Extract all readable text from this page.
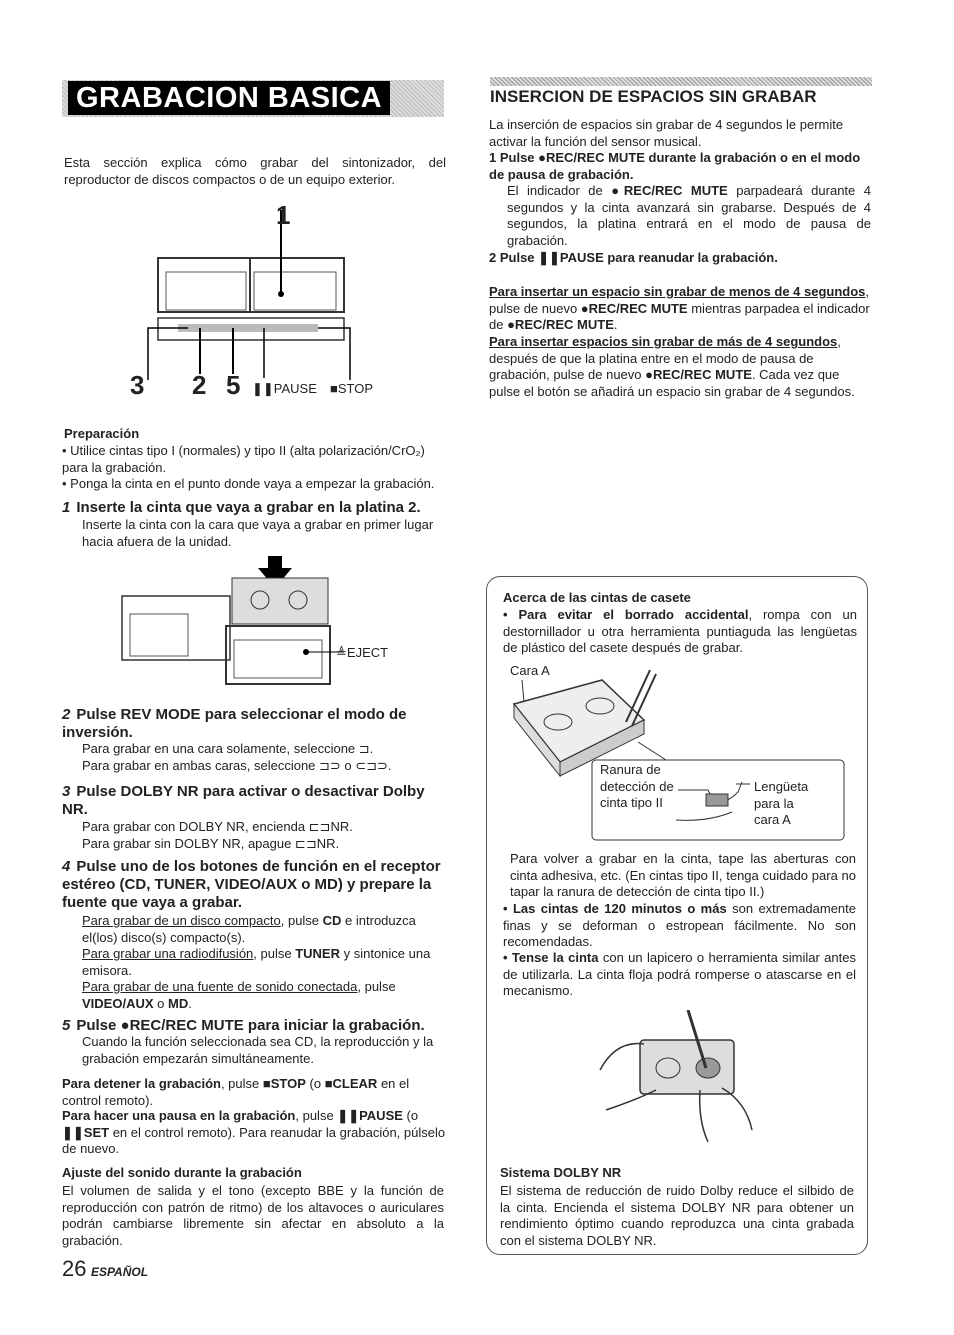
GRABACION BASICA
Esta sección explica cómo grabar del sintonizador, del reproductor de discos compactos o de un equipo exterior.
1
3 2 5 ❚❚PAUSE ■STOP
Preparación
• Utilice cintas tipo I (normales) y tipo II (alta polarización/CrO₂) para la grabación.
• Ponga la cinta en el punto donde vaya a empezar la grabación.
1 Inserte la cinta que vaya a grabar en la platina 2.
Inserte la cinta con la cara que vaya a grabar en primer lugar hacia afuera de la unidad.
≜EJECT
2 Pulse REV MODE para seleccionar el modo de inversión.
Para grabar en una cara solamente, seleccione ⊐.
Para grabar en ambas caras, seleccione ⊐⊃ o ⊂⊐⊃.
3 Pulse DOLBY NR para activar o desactivar Dolby NR.
Para grabar con DOLBY NR, encienda ⊏⊐NR.
Para grabar sin DOLBY NR, apague ⊏⊐NR.
4 Pulse uno de los botones de función en el receptor estéreo (CD, TUNER, VIDEO/AUX o MD) y prepare la fuente que vaya a grabar.
Para grabar de un disco compacto, pulse CD e introduzca el(los) disco(s) compacto(s).
Para grabar una radiodifusión, pulse TUNER y sintonice una emisora.
Para grabar de una fuente de sonido conectada, pulse VIDEO/AUX o MD.
5 Pulse ●REC/REC MUTE para iniciar la grabación.
Cuando la función seleccionada sea CD, la reproducción y la grabación empezarán simultáneamente.
Para detener la grabación, pulse ■STOP (o ■CLEAR en el control remoto).
Para hacer una pausa en la grabación, pulse ❚❚PAUSE (o ❚❚SET en el control remoto). Para reanudar la grabación, púlselo de nuevo.
Ajuste del sonido durante la grabación
El volumen de salida y el tono (excepto BBE y la función de reproducción con patrón de ritmo) de los altavoces o auriculares podrán cambiarse libremente sin afectar en absoluto a la grabación.
26 ESPAÑOL
INSERCION DE ESPACIOS SIN GRABAR
La inserción de espacios sin grabar de 4 segundos le permite activar la función del sensor musical.
1 Pulse ●REC/REC MUTE durante la grabación o en el modo de pausa de grabación.
El indicador de ●REC/REC MUTE parpadeará durante 4 segundos y la cinta avanzará sin grabarse. Después de 4 segundos, la platina entrará en el modo de pausa de grabación.
2 Pulse ❚❚PAUSE para reanudar la grabación.
Para insertar un espacio sin grabar de menos de 4 segundos, pulse de nuevo ●REC/REC MUTE mientras parpadea el indicador de ●REC/REC MUTE.
Para insertar espacios sin grabar de más de 4 segundos, después de que la platina entre en el modo de pausa de grabación, pulse de nuevo ●REC/REC MUTE. Cada vez que pulse el botón se añadirá un espacio sin grabar de 4 segundos.
Acerca de las cintas de casete
• Para evitar el borrado accidental, rompa con un destornillador u otra herramienta puntiaguda las lengüetas de plástico del casete después de grabar.
Cara A
Ranura de detección de cinta tipo II
Lengüeta para la cara A
Para volver a grabar en la cinta, tape las aberturas con cinta adhesiva, etc. (En cintas tipo II, tenga cuidado para no tapar la ranura de detección de cinta tipo II.)
• Las cintas de 120 minutos o más son extremadamente finas y se deforman o estropean fácilmente. No son recomendadas.
• Tense la cinta con un lapicero o herramienta similar antes de utilizarla. La cinta floja podrá romperse o atascarse en el mecanismo.
Sistema DOLBY NR
El sistema de reducción de ruido Dolby reduce el silbido de la cinta. Encienda el sistema DOLBY NR para obtener un rendimiento óptimo cuando reproduzca una cinta grabada con el sistema DOLBY NR.
